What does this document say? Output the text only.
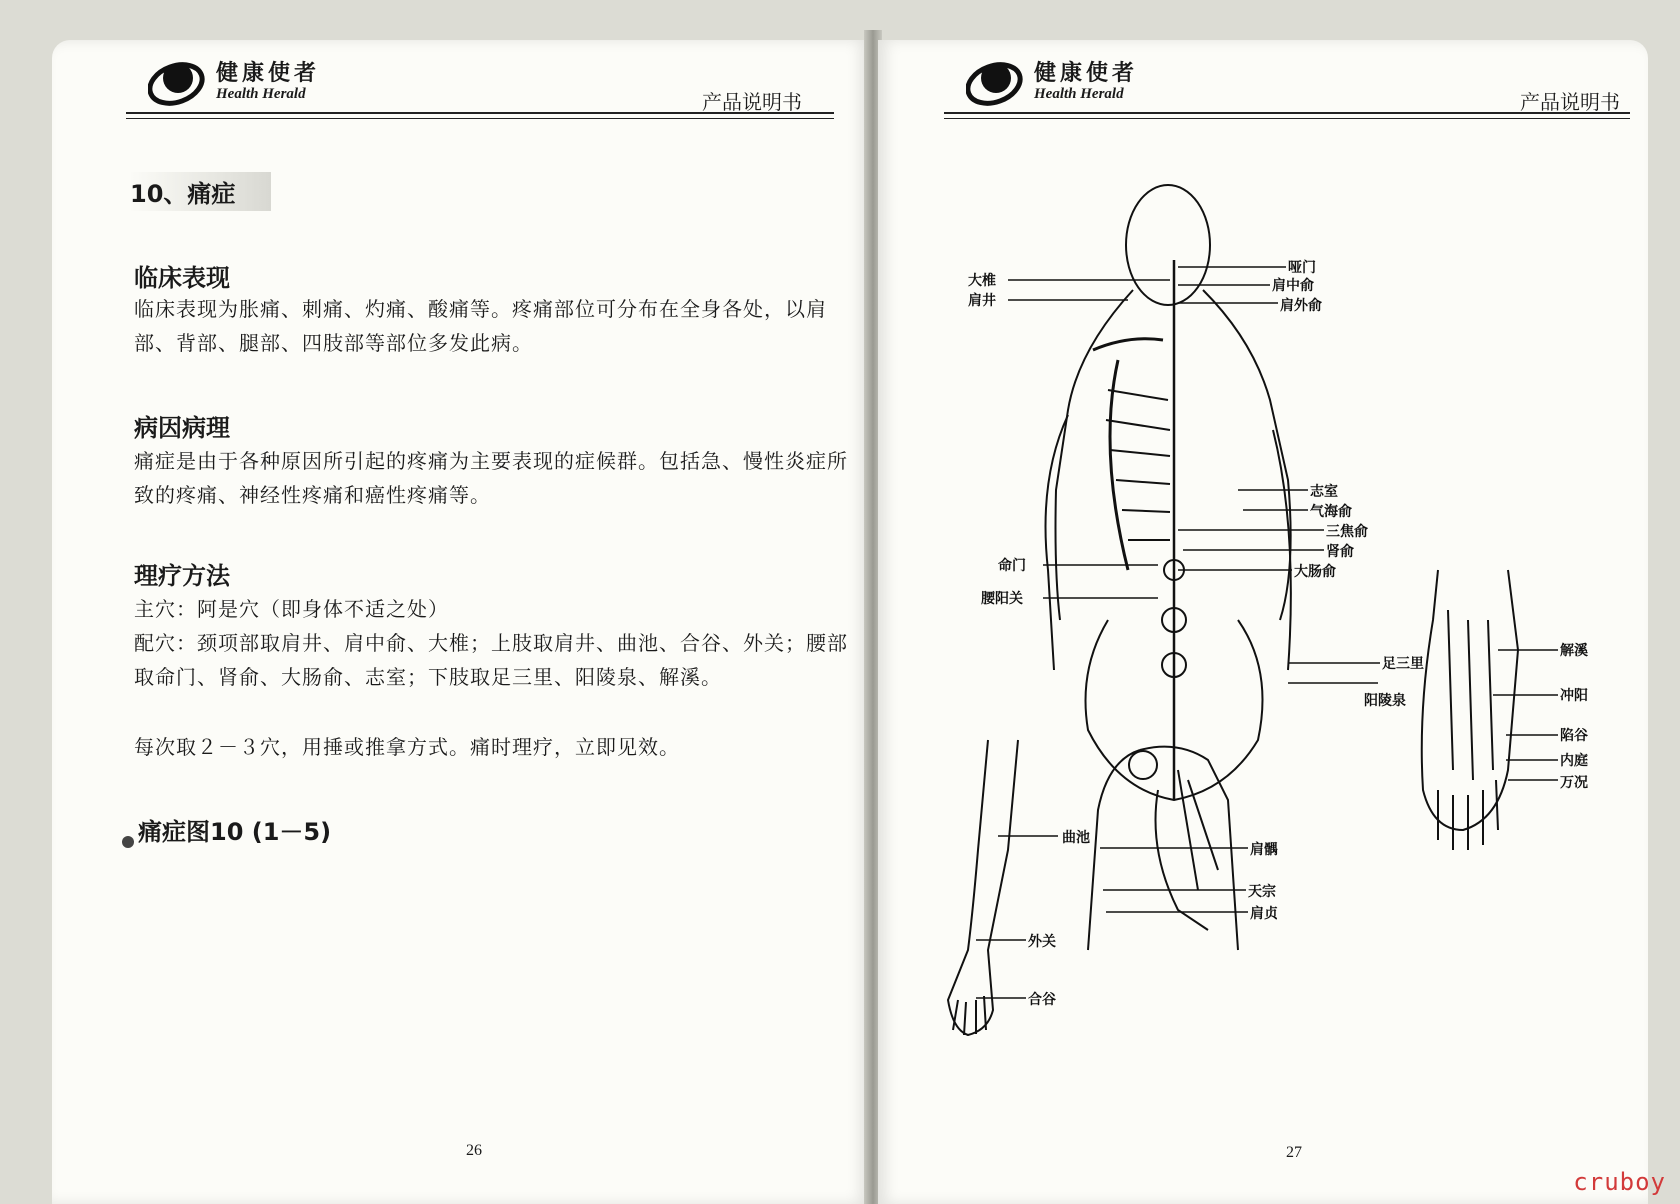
健康使者
Health Herald	产品说明书
10、痛症
临床表现
临床表现为胀痛、刺痛、灼痛、酸痛等。疼痛部位可分布在全身各处，以肩部、背部、腿部、四肢部等部位多发此病。
病因病理
痛症是由于各种原因所引起的疼痛为主要表现的症候群。包括急、慢性炎症所致的疼痛、神经性疼痛和癌性疼痛等。
理疗方法
主穴：阿是穴（即身体不适之处）
配穴：颈项部取肩井、肩中俞、大椎；上肢取肩井、曲池、合谷、外关；腰部取命门、肾俞、大肠俞、志室；下肢取足三里、阳陵泉、解溪。
每次取２－３穴，用捶或推拿方式。痛时理疗，立即见效。
痛症图10 (1－5)
26
健康使者
Health Herald	产品说明书
大椎
肩井
哑门
肩中俞
肩外俞
志室
气海俞
三焦俞
肾俞
命门
腰阳关
大肠俞
足三里
阳陵泉
解溪
冲阳
陷谷
内庭
万况
曲池
肩髃
天宗
肩贞
外关
合谷
27
cruboy
